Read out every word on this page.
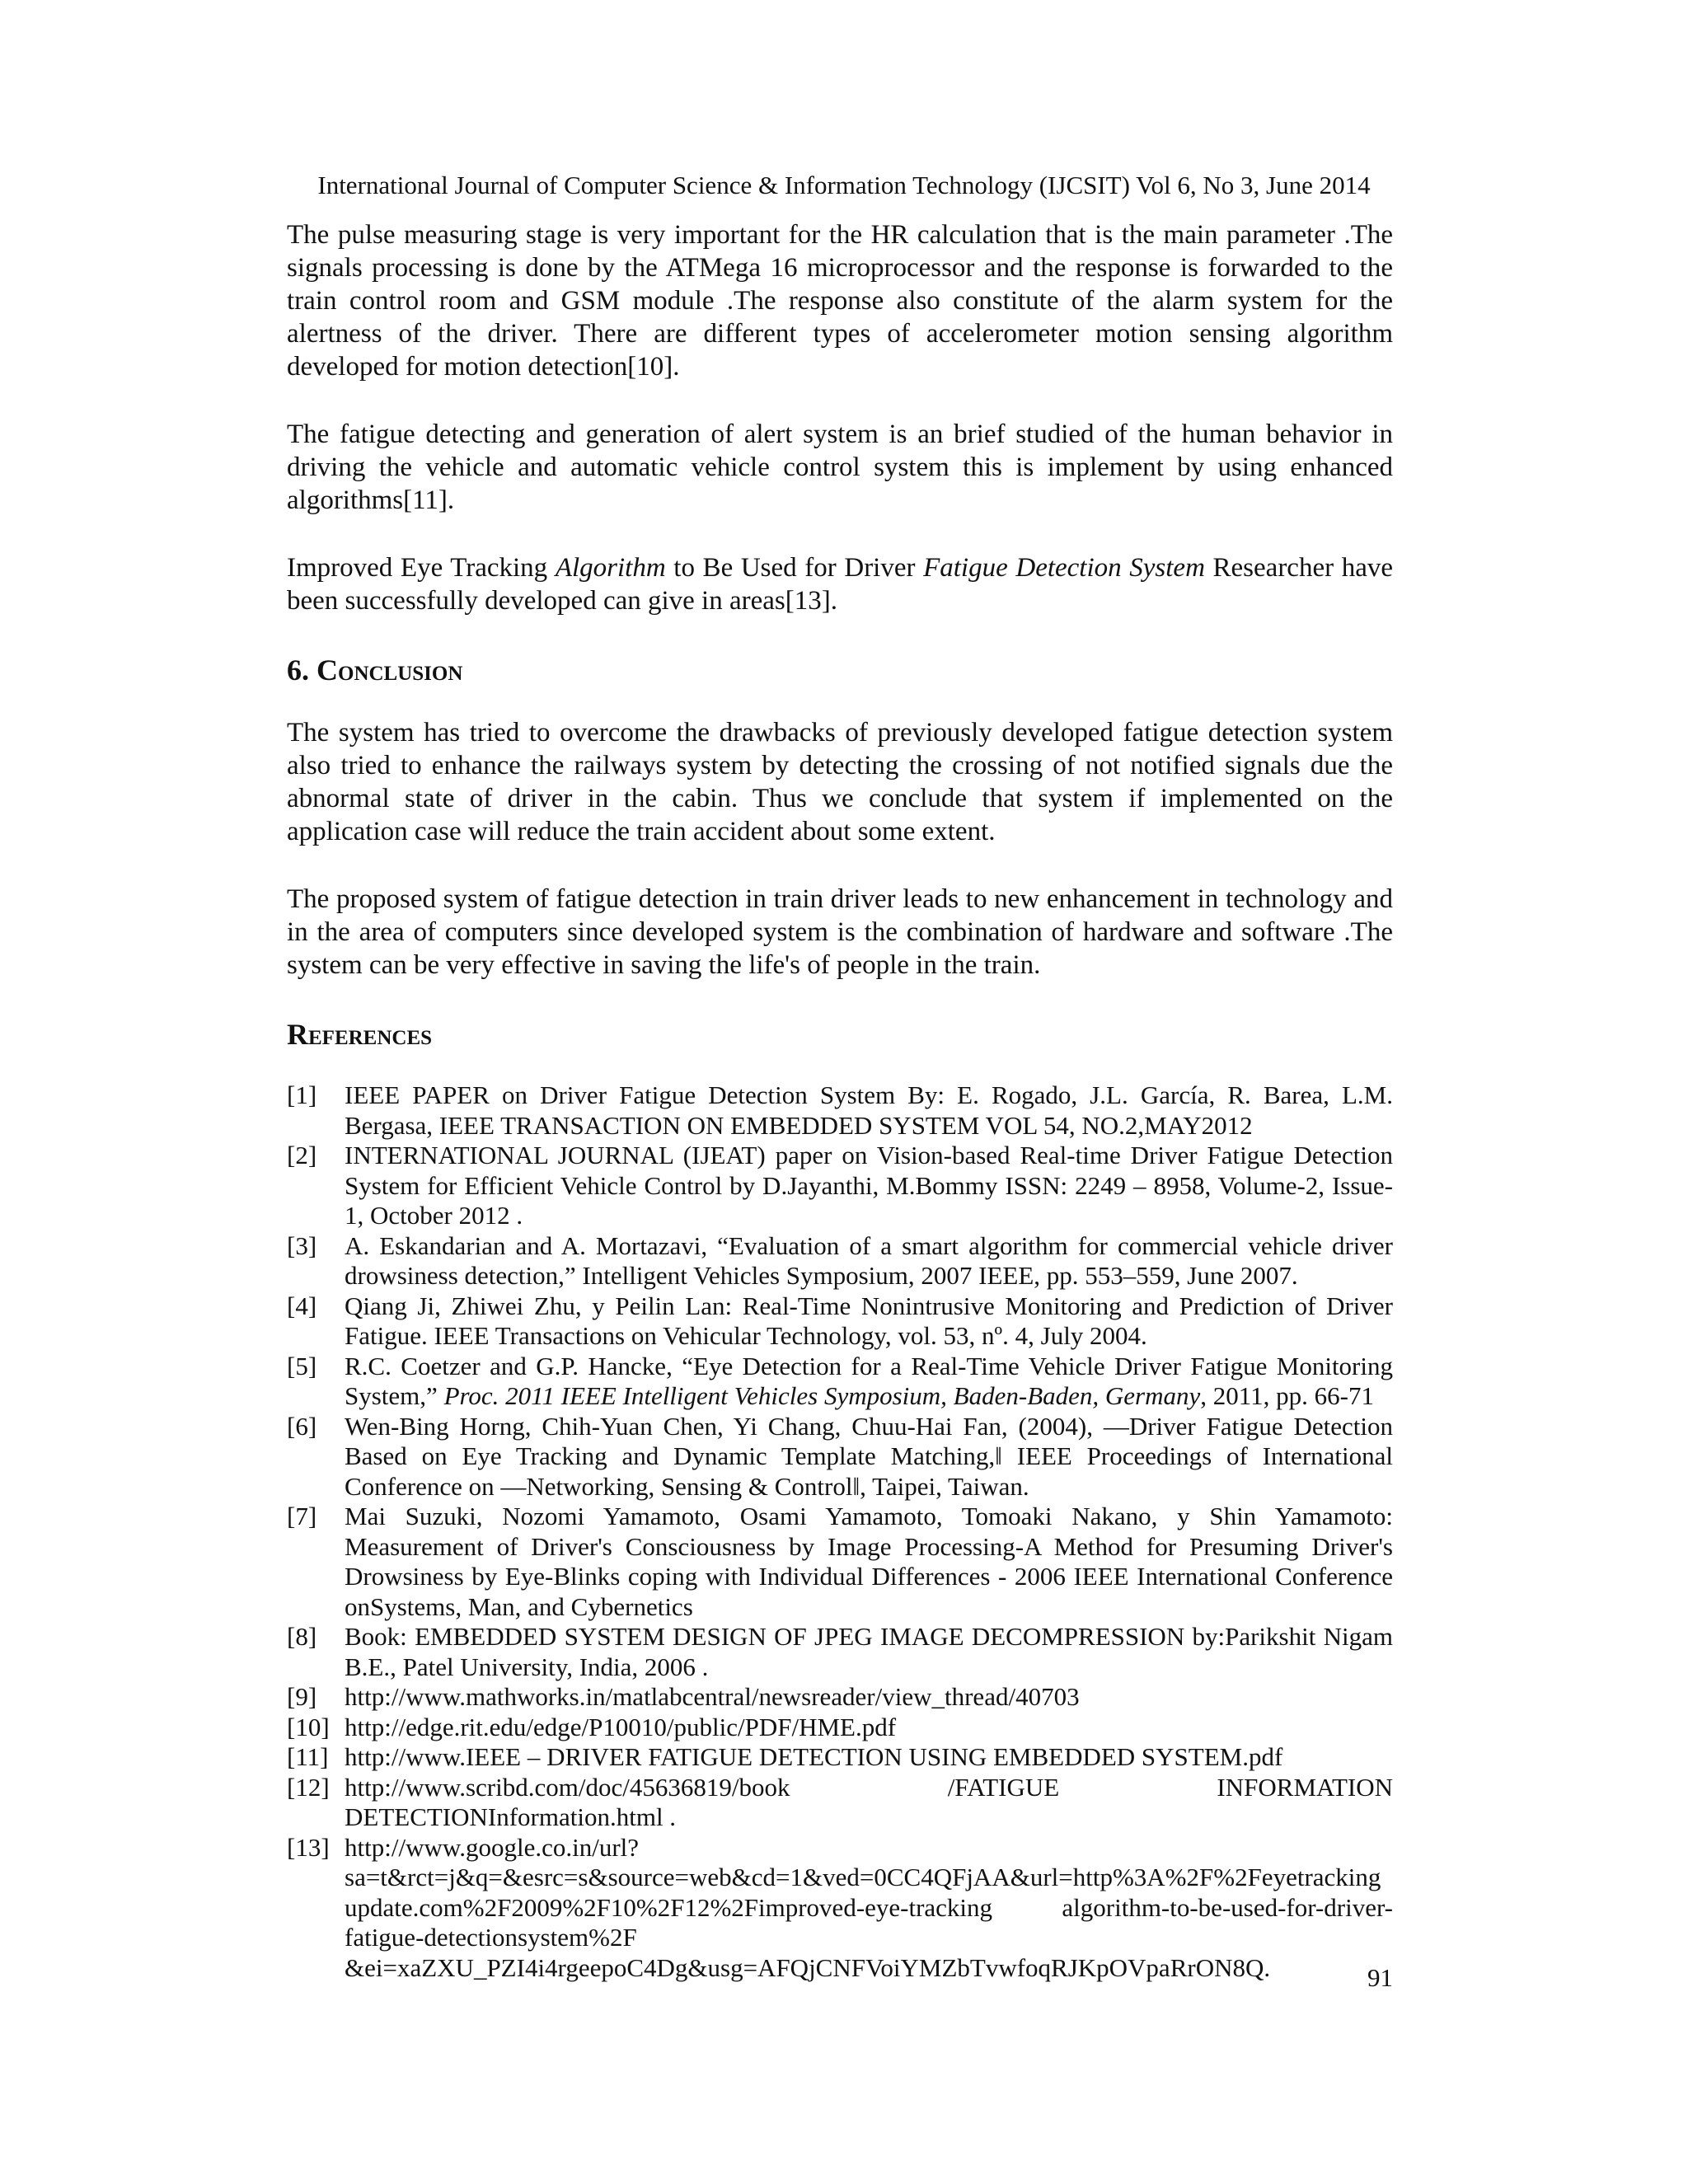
International Journal of Computer Science & Information Technology (IJCSIT) Vol 6, No 3, June 2014

The pulse measuring stage is very important for the HR calculation that is the main parameter .The signals processing is done by the ATMega 16 microprocessor and the response is forwarded to the train control room and GSM module .The response also constitute of the alarm system for the alertness of the driver. There are different types of accelerometer motion sensing algorithm developed for motion detection[10].

The fatigue detecting and generation of alert system is an brief studied of the human behavior in driving the vehicle and automatic vehicle control system this is implement by using enhanced algorithms[11].

Improved Eye Tracking Algorithm to Be Used for Driver Fatigue Detection System Researcher have been successfully developed can give in areas[13].

6. Conclusion

The system has tried to overcome the drawbacks of previously developed fatigue detection system also tried to enhance the railways system by detecting the crossing of not notified signals due the abnormal state of driver in the cabin. Thus we conclude that system if implemented on the application case will reduce the train accident about some extent.

The proposed system of fatigue detection in train driver leads to new enhancement in technology and in the area of computers since developed system is the combination of hardware and software .The system can be very effective in saving the life's of people in the train.

References
[1]	IEEE PAPER on Driver Fatigue Detection System By: E. Rogado, J.L. García, R. Barea, L.M. Bergasa, IEEE TRANSACTION ON EMBEDDED SYSTEM VOL 54, NO.2,MAY2012
[2]	INTERNATIONAL JOURNAL (IJEAT) paper on Vision-based Real-time Driver Fatigue Detection System for Efficient Vehicle Control by D.Jayanthi, M.Bommy ISSN: 2249 – 8958, Volume-2, Issue-1, October 2012 .
[3]	A. Eskandarian and A. Mortazavi, “Evaluation of a smart algorithm for commercial vehicle driver drowsiness detection,” Intelligent Vehicles Symposium, 2007 IEEE, pp. 553–559, June 2007.
[4]	Qiang Ji, Zhiwei Zhu, y Peilin Lan: Real-Time Nonintrusive Monitoring and Prediction of Driver Fatigue. IEEE Transactions on Vehicular Technology, vol. 53, nº. 4, July 2004.
[5]	R.C. Coetzer and G.P. Hancke, “Eye Detection for a Real-Time Vehicle Driver Fatigue Monitoring System,” Proc. 2011 IEEE Intelligent Vehicles Symposium, Baden-Baden, Germany, 2011, pp. 66-71
[6]	Wen-Bing Horng, Chih-Yuan Chen, Yi Chang, Chuu-Hai Fan, (2004), ―Driver Fatigue Detection Based on Eye Tracking and Dynamic Template Matching,‖ IEEE Proceedings of International Conference on ―Networking, Sensing & Control‖, Taipei, Taiwan.
[7]	Mai Suzuki, Nozomi Yamamoto, Osami Yamamoto, Tomoaki Nakano, y Shin Yamamoto: Measurement of Driver's Consciousness by Image Processing-A Method for Presuming Driver's Drowsiness by Eye-Blinks coping with Individual Differences - 2006 IEEE International Conference onSystems, Man, and Cybernetics
[8]	Book: EMBEDDED SYSTEM DESIGN OF JPEG IMAGE DECOMPRESSION by:Parikshit Nigam B.E., Patel University, India, 2006 .
[9]	http://www.mathworks.in/matlabcentral/newsreader/view_thread/40703
[10] http://edge.rit.edu/edge/P10010/public/PDF/HME.pdf
[11] http://www.IEEE – DRIVER FATIGUE DETECTION USING EMBEDDED SYSTEM.pdf
[12] http://www.scribd.com/doc/45636819/book /FATIGUE INFORMATION DETECTIONInformation.html .
[13] http://www.google.co.in/url?sa=t&rct=j&q=&esrc=s&source=web&cd=1&ved=0CC4QFjAA&url=http%3A%2F%2Feyetrackingupdate.com%2F2009%2F10%2F12%2Fimproved-eye-tracking algorithm-to-be-used-for-driver-fatigue-detectionsystem%2F &ei=xaZXU_PZI4i4rgeepoC4Dg&usg=AFQjCNFVoiYMZbTvwfoqRJKpOVpaRrON8Q.	91
